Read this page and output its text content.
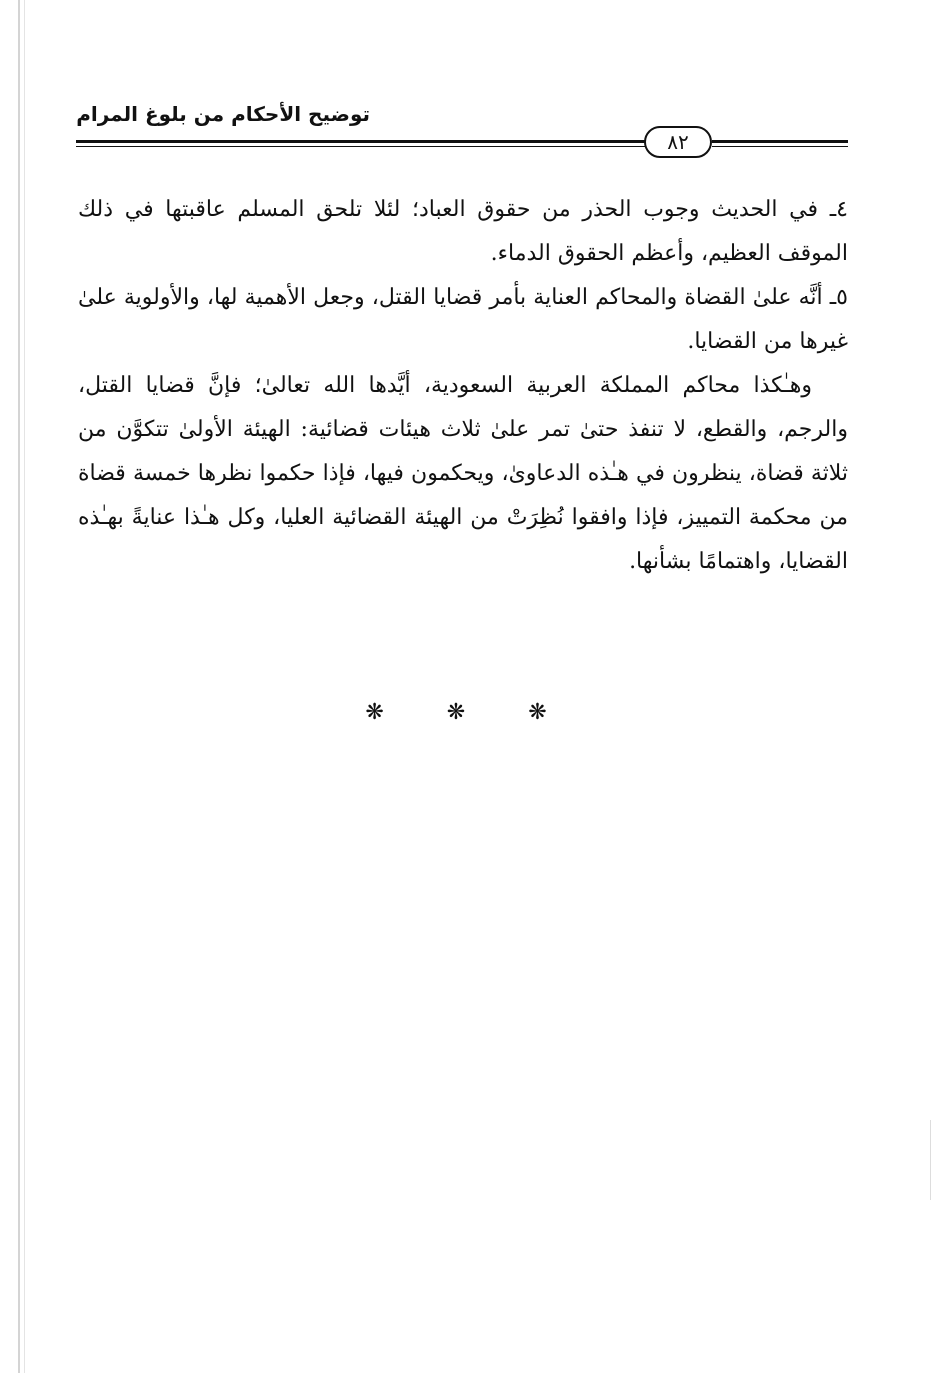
توضيح الأحكام من بلوغ المرام
٨٢

٤ـ في الحديث وجوب الحذر من حقوق العباد؛ لئلا تلحق المسلم عاقبتها في ذلك الموقف العظيم، وأعظم الحقوق الدماء.

٥ـ أنَّه علىٰ القضاة والمحاكم العناية بأمر قضايا القتل، وجعل الأهمية لها، والأولوية علىٰ غيرها من القضايا.

وهـٰكذا محاكم المملكة العربية السعودية، أيَّدها الله تعالىٰ؛ فإنَّ قضايا القتل، والرجم، والقطع، لا تنفذ حتىٰ تمر علىٰ ثلاث هيئات قضائية: الهيئة الأولىٰ تتكوَّن من ثلاثة قضاة، ينظرون في هـٰذه الدعاوىٰ، ويحكمون فيها، فإذا حكموا نظرها خمسة قضاة من محكمة التمييز، فإذا وافقوا نُظِرَتْ من الهيئة القضائية العليا، وكل هـٰذا عنايةً بهـٰذه القضايا، واهتمامًا بشأنها.

❋ ❋ ❋
